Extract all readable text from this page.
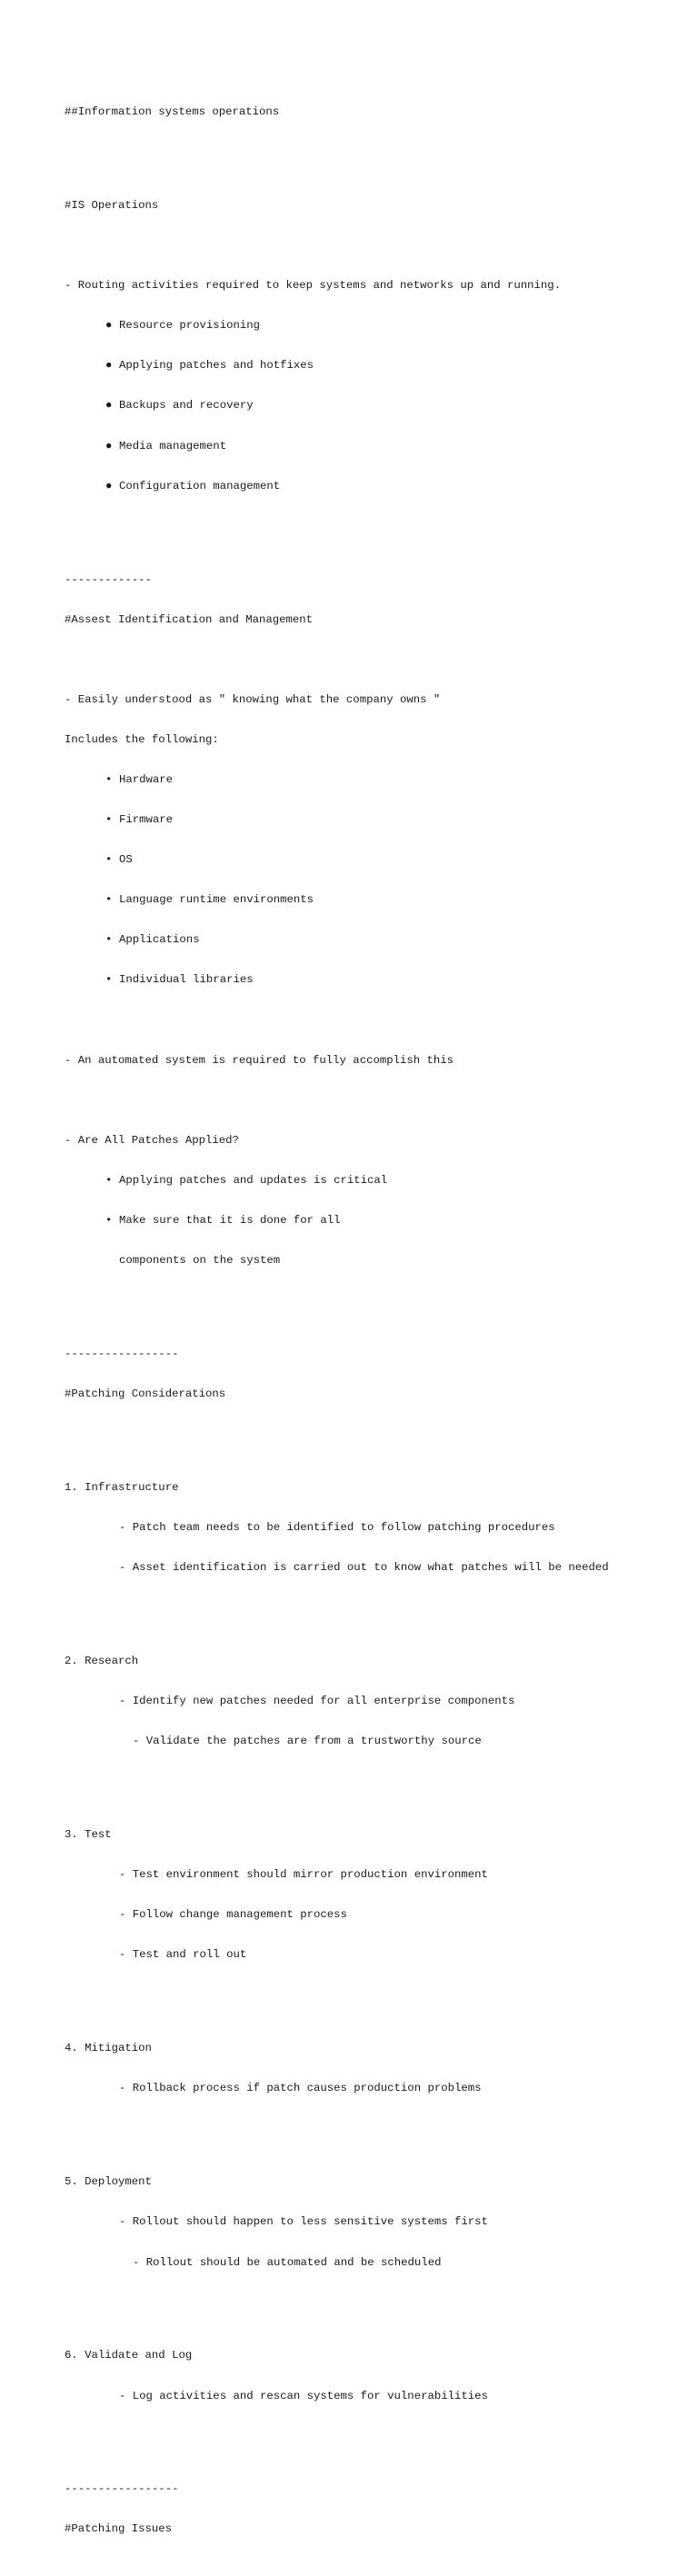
##Information systems operations

#IS Operations

- Routing activities required to keep systems and networks up and running.

● Resource provisioning

● Applying patches and hotfixes

● Backups and recovery

● Media management

● Configuration management

-------------

#Assest Identification and Management

- Easily understood as " knowing what the company owns "

Includes the following:

• Hardware

• Firmware

• OS

• Language runtime environments

• Applications

• Individual libraries

- An automated system is required to fully accomplish this

- Are All Patches Applied?

• Applying patches and updates is critical

• Make sure that it is done for all

components on the system

-----------------

#Patching Considerations

1. Infrastructure

- Patch team needs to be identified to follow patching procedures

- Asset identification is carried out to know what patches will be needed

2. Research

- Identify new patches needed for all enterprise components

- Validate the patches are from a trustworthy source

3. Test

- Test environment should mirror production environment

- Follow change management process

- Test and roll out

4. Mitigation

- Rollback process if patch causes production problems

5. Deployment

- Rollout should happen to less sensitive systems first

- Rollout should be automated and be scheduled

6. Validate and Log

- Log activities and rescan systems for vulnerabilities

-----------------

#Patching Issues
